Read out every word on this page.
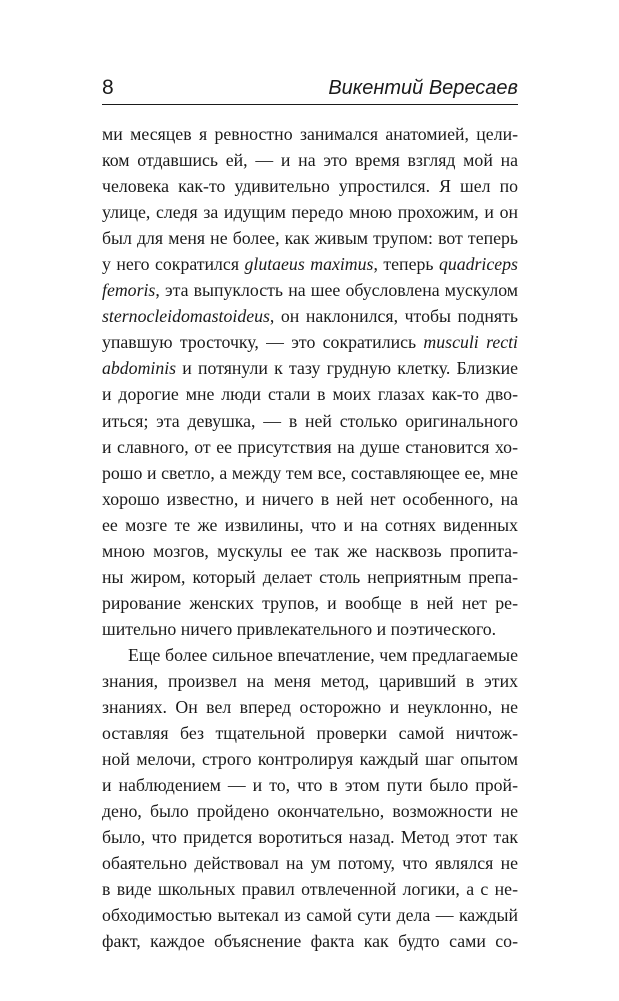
8	Викентий Вересаев
ми месяцев я ревностно занимался анатомией, цели-
ком отдавшись ей, — и на это время взгляд мой на
человека как-то удивительно упростился. Я шел по
улице, следя за идущим передо мною прохожим, и он
был для меня не более, как живым трупом: вот теперь
у него сократился glutaeus maximus, теперь quadriceps
femoris, эта выпуклость на шее обусловлена мускулом
sternocleidomastoideus, он наклонился, чтобы поднять
упавшую тросточку, — это сократились musculi recti
abdominis и потянули к тазу грудную клетку. Близкие
и дорогие мне люди стали в моих глазах как-то дво-
иться; эта девушка, — в ней столько оригинального
и славного, от ее присутствия на душе становится хо-
рошо и светло, а между тем все, составляющее ее, мне
хорошо известно, и ничего в ней нет особенного, на
ее мозге те же извилины, что и на сотнях виденных
мною мозгов, мускулы ее так же насквозь пропита-
ны жиром, который делает столь неприятным препа-
рирование женских трупов, и вообще в ней нет ре-
шительно ничего привлекательного и поэтического.
Еще более сильное впечатление, чем предлагаемые
знания, произвел на меня метод, царивший в этих
знаниях. Он вел вперед осторожно и неуклонно, не
оставляя без тщательной проверки самой ничтож-
ной мелочи, строго контролируя каждый шаг опытом
и наблюдением — и то, что в этом пути было прой-
дено, было пройдено окончательно, возможности не
было, что придется воротиться назад. Метод этот так
обаятельно действовал на ум потому, что являлся не
в виде школьных правил отвлеченной логики, а с не-
обходимостью вытекал из самой сути дела — каждый
факт, каждое объяснение факта как будто сами со-
